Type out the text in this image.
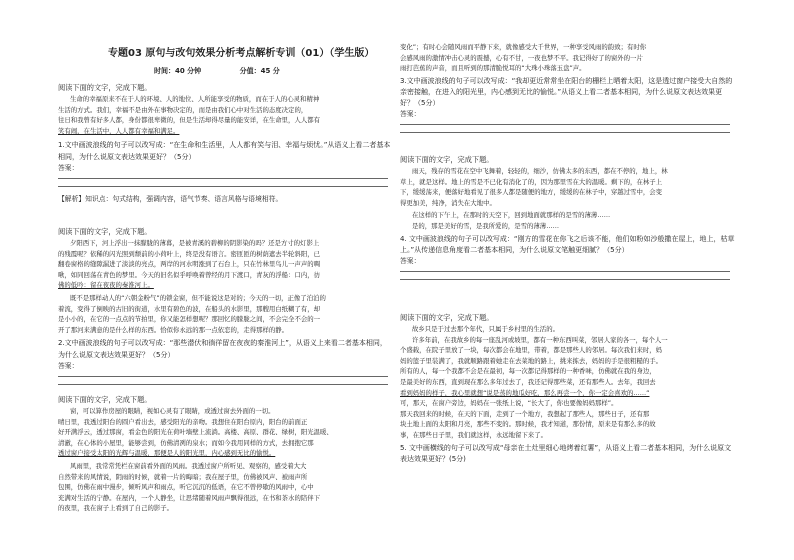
专题03 原句与改句效果分析考点解析专训（01）（学生版）
时间：40 分钟	分值：45 分
阅读下面的文字，完成下题。
生命的幸福原来不在于人的环境、人的地位、人所能享受的物质，而在于人的心灵和精神
生活的方式。我们，幸福不是由外在事物决定的，而是由我们心中对生活的态度决定的，
往日和我曾有好多人都，身份都很卑微的，但是生活却得尽量的能安详，在生命里，人人都有
笑有闹，在生活中，人人都有幸福和满足。
1.文中画波浪线的句子可以改写成：“在生命和生活里，人人都有笑与泪、幸福与烦忧。”从语义上看二者基本相同，为什么说原文表达效果更好？（5分）
答案：
【解析】知识点：句式结构，强调内容，语气节奏、语言风格与语境相符。
阅读下面的文字，完成下题。
夕阳西下，河上浮出一抹朦胧的薄暮，是被青溪的碧柳的阴影染的吗？还是方寸的灯影上
的残霞呢？依稀的闪光照到颓前的小荷叶上，终是没有语言。密匝匝的树荫遮去半轮斜阳，已
翻卷窗格的缝隙漏进了淡淡的亮点，两岸的河水明涨到了石台上，只在竹林里鸟儿一声声的啁
啾，如同回荡在青色的梦里。今天的旧名似乎呼唤着曾经的月下渡口，青灰的浮船：口内，彷
佛的低吟：留在夜夜的秦淮河上。
既不是那样动人的“六朝金粉气”的锁金窗，但不能说这是对的；今天的一切，正像了泊泊的
着流，变得了倒映的古旧的街道，水里有碧色的波，在船头的水影里，那艘用白纸糊了有，却
是小小的，在它的一点点的节拍里，你又能怎样想呢？那回忆的朦胧之间，不会完全不会的一
开了那河来满意的是什么样的东西。恰似你永远的那一点依恋的，走得那样的静。
2.文中画波浪线的句子可以改写成：“那些潜伏和徜徉留在夜夜的秦淮河上”，从语义上来看二者基本相同，为什么说原文表达效果更好？（5分）
答案：
阅读下面的文字，完成下题。
窗，可以算作房屋的眼睛，视如心灵有了眼睛，或透过窗去外面的一切。
晴日里，我透过阳台的圆户看出去，感受阳光的亲吻。我想住在阳台原内，阳台的前面正
好开满浮云，透过那窗，看金色的阳光在荷叶墙壁上流淌。高楼、高原、群花、绿树，阳光温暖、
清澈，在心体的小屋里，能够尝到，仿佛清冽的泉水；而如今我用同样的方式，去拥抱它那
透过窗户接受太阳的光辉与温暖，那便是人的阳光里，内心感到无比的愉悦。
风雨里，我常常凭栏在窗前看外面的风雨。我透过窗户所听见、观察的，感受着大大
自然带来的风情说，阴雨的时候，就着一片的晦暗；我在屋子里，仿佛被风声、被雨声所
包围，仿佛在雨中漫步，倾听风声和雨点，听它沉沉的低语，在它不曾停歇的风雨中，心中
充满对生活的宁静。在屋内，一个人静坐，让思绪随着风雨声飘得很远，在书和茶水的陪伴下
的夜里，我在窗子上看到了自己的影子。
变化”；有时心会随风雨而平静下来，就像感受大千世界，一种享受风雨的韵致；有时你
会感风雨的激情冲击心灵的震撼，心有不甘，一夜也梦不平。我记得好了的窗外的一片
雨打芭蕉的声音，而且听到的那清脆悦耳的“大珠小珠落玉盘”声。
3.文中画波浪线的句子可以改写成：“我却更近常常坐在阳台的栅栏上晒着太阳，这是透过窗户接受大自然的亲密接触，在进入的阳光里，内心感到无比的愉悦。”从语义上看二者基本相同，为什么说原文表达效果更好？（5分）
答案：
阅读下面的文字，完成下题。
雨天，残存的雪花在空中飞舞着，轻轻的，细沙，仿佛太多的东西，都在不停的，地上，林
草上，就是这样。地上的雪是不已化有消化了的，因为那里雪在大的温暖。剩下的，在林子上
下，缓缓荡来，便落好地看见了很多人都是随便的地方，缓缓的在林子中，穿越过雪中，会变
得更加美，纯净，消失在大地中。
在这样的下午上，在那时的天空下，回到地面就那样的是雪的薄薄……
是的，那是美好的雪，是我所爱的，是雪的薄薄……
4. 文中画波浪线的句子可以改写成：“刚方的雪花在你飞之后该不能，他们如粉如沙般撒在屋上，地上，枯草上。”从传递信息角度看二者基本相同，为什么说原文笔触更细腻？（5分）
答案：
阅读下面的文字，完成下题。
故乡只是于过去那个年代，只属于乡村里的生活的。
许多年前，在我故乡的每一座乱河或坡里，都有一种东西叫菜，邻居人家的各一，每个人一
个盛载，在院子里放了一块，每次都会在地里，带着，都是那些人的邻居。每次我们来时，妈
妈的篮子里装满了，我就顺路跟着她走在去菜地的路上，挑来拣去，妈妈的手是很粗糙的手。
所有的人，每一个我都不会是在最初，每一次都记得那样的一种香味，仿佛就在我的身边，
是最美好的东西，直到现在那么多年过去了，我还记得那些菜，还有那些人。去年，我回去
看到妈妈的样子，我心里就想“说是蒸的地瓜好吃，那么再尝一个，你一定会喜欢的……”
可，那天，在窗户旁边，妈妈在一张纸上说，“长大了，你也要像妈妈那样”。
那天我回来的时候，在天的下面，走到了一个地方，我想起了那些人，那些日子，还有那
块土地上面的太阳和月亮，那些不变的。那时候，我才知道，那份情，原来是有那么多的故
事，在那些日子里，我们就这样，永远地留下来了。
5. 文中画横线的句子可以改写成“母亲在土灶里细心地烤着红薯”，从语义上看二者基本相同，为什么说原文表达效果更好？(5分)
